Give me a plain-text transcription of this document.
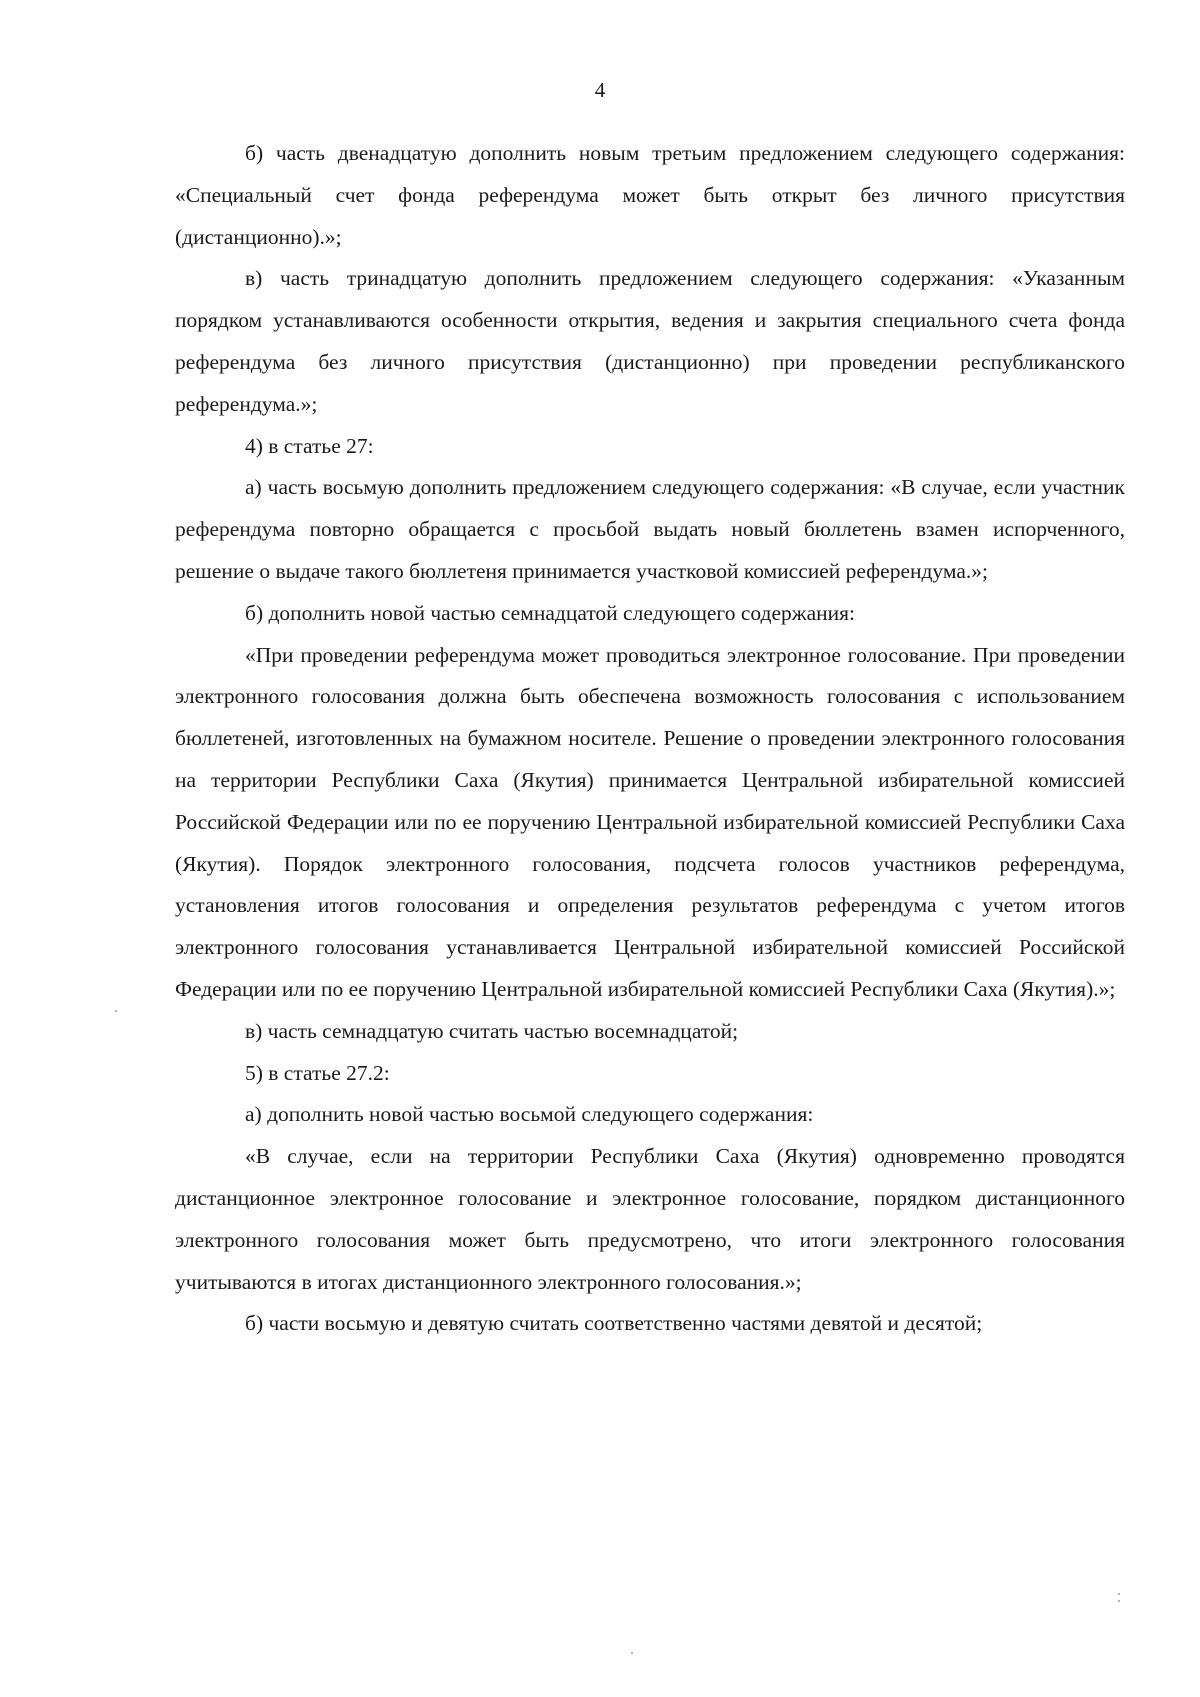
4

б) часть двенадцатую дополнить новым третьим предложением следующего содержания: «Специальный счет фонда референдума может быть открыт без личного присутствия (дистанционно).»;

в) часть тринадцатую дополнить предложением следующего содержания: «Указанным порядком устанавливаются особенности открытия, ведения и закрытия специального счета фонда референдума без личного присутствия (дистанционно) при проведении республиканского референдума.»;

4) в статье 27:

а) часть восьмую дополнить предложением следующего содержания: «В случае, если участник референдума повторно обращается с просьбой выдать новый бюллетень взамен испорченного, решение о выдаче такого бюллетеня принимается участковой комиссией референдума.»;

б) дополнить новой частью семнадцатой следующего содержания:

«При проведении референдума может проводиться электронное голосование. При проведении электронного голосования должна быть обеспечена возможность голосования с использованием бюллетеней, изготовленных на бумажном носителе. Решение о проведении электронного голосования на территории Республики Саха (Якутия) принимается Центральной избирательной комиссией Российской Федерации или по ее поручению Центральной избирательной комиссией Республики Саха (Якутия). Порядок электронного голосования, подсчета голосов участников референдума, установления итогов голосования и определения результатов референдума с учетом итогов электронного голосования устанавливается Центральной избирательной комиссией Российской Федерации или по ее поручению Центральной избирательной комиссией Республики Саха (Якутия).»;

в) часть семнадцатую считать частью восемнадцатой;

5) в статье 27.2:

а) дополнить новой частью восьмой следующего содержания:

«В случае, если на территории Республики Саха (Якутия) одновременно проводятся дистанционное электронное голосование и электронное голосование, порядком дистанционного электронного голосования может быть предусмотрено, что итоги электронного голосования учитываются в итогах дистанционного электронного голосования.»;

б) части восьмую и девятую считать соответственно частями девятой и десятой;
